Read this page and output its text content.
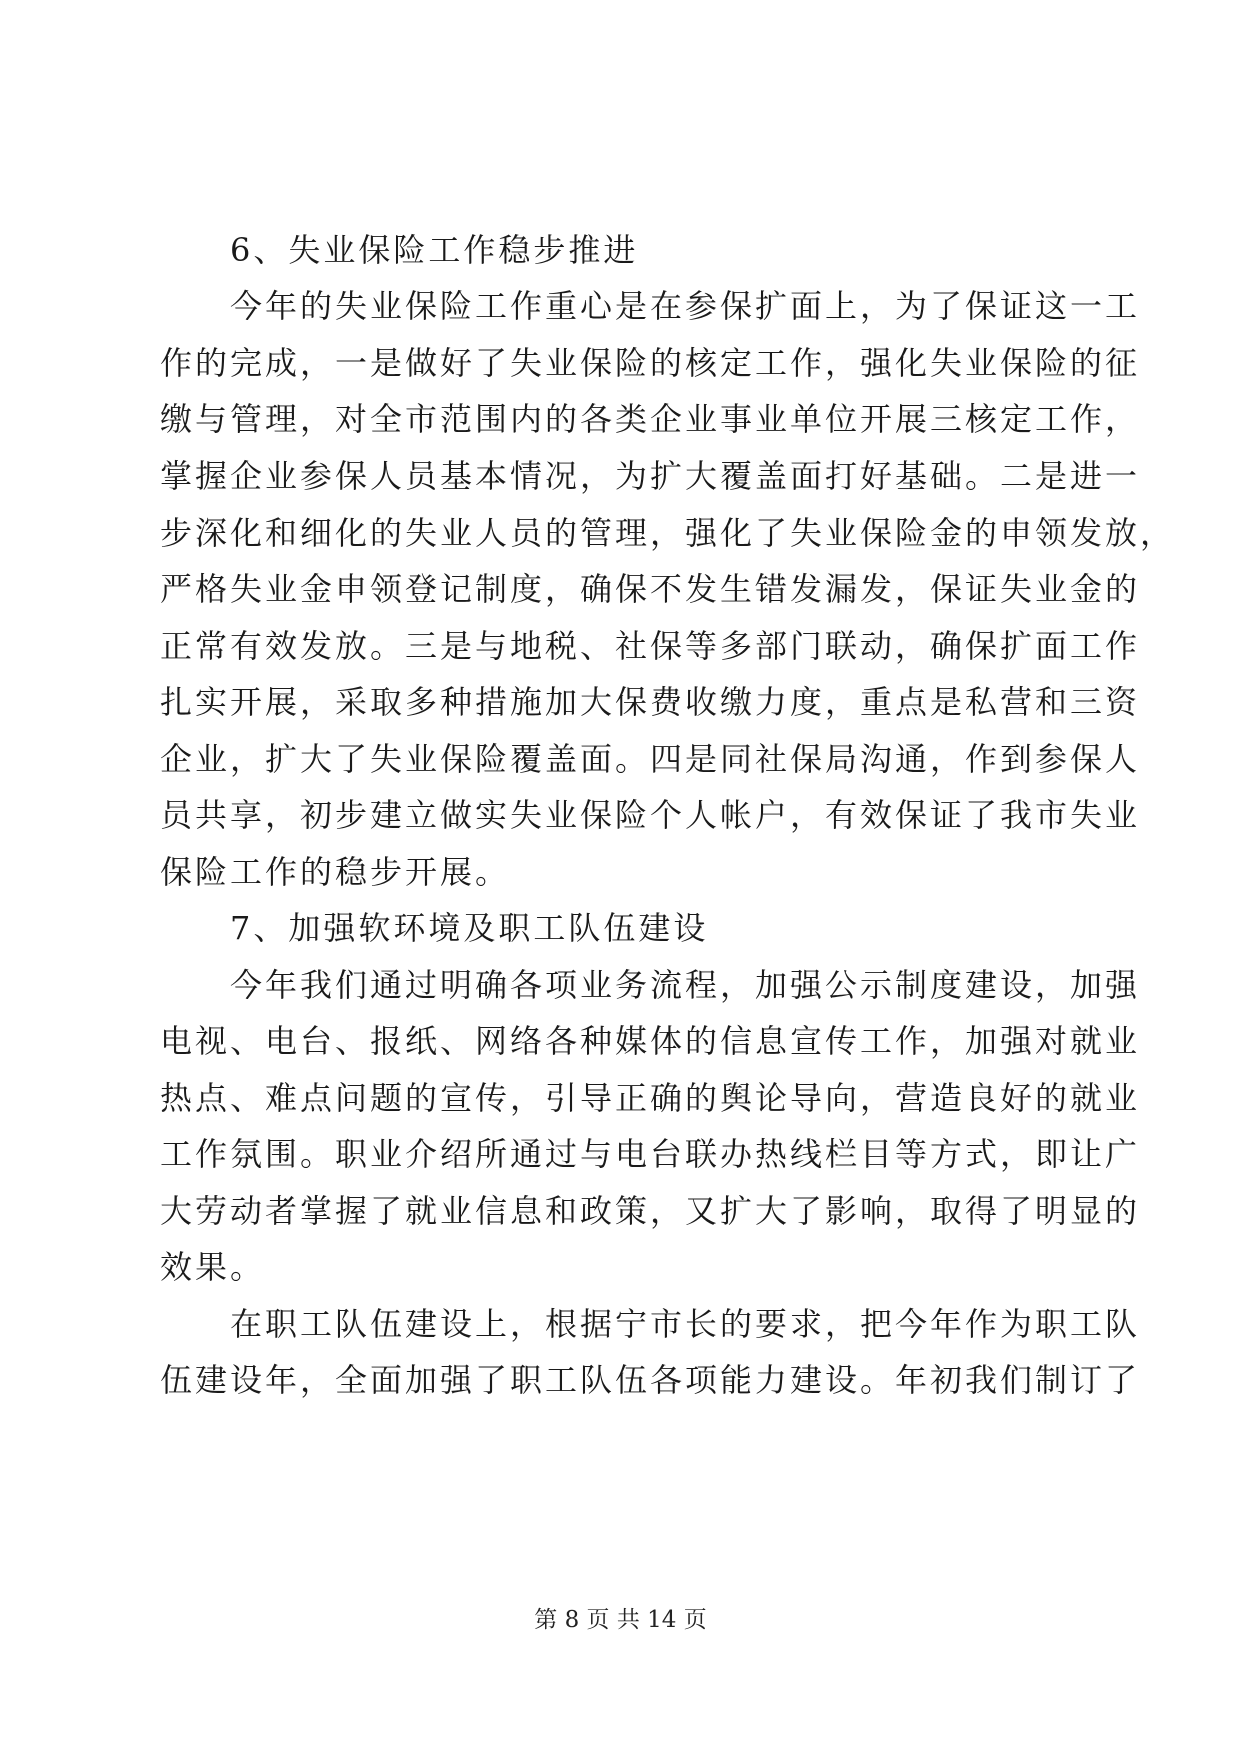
6、失业保险工作稳步推进
今年的失业保险工作重心是在参保扩面上，为了保证这一工
作的完成，一是做好了失业保险的核定工作，强化失业保险的征
缴与管理，对全市范围内的各类企业事业单位开展三核定工作，
掌握企业参保人员基本情况，为扩大覆盖面打好基础。二是进一
步深化和细化的失业人员的管理，强化了失业保险金的申领发放，
严格失业金申领登记制度，确保不发生错发漏发，保证失业金的
正常有效发放。三是与地税、社保等多部门联动，确保扩面工作
扎实开展，采取多种措施加大保费收缴力度，重点是私营和三资
企业，扩大了失业保险覆盖面。四是同社保局沟通，作到参保人
员共享，初步建立做实失业保险个人帐户，有效保证了我市失业
保险工作的稳步开展。
7、加强软环境及职工队伍建设
今年我们通过明确各项业务流程，加强公示制度建设，加强
电视、电台、报纸、网络各种媒体的信息宣传工作，加强对就业
热点、难点问题的宣传，引导正确的舆论导向，营造良好的就业
工作氛围。职业介绍所通过与电台联办热线栏目等方式，即让广
大劳动者掌握了就业信息和政策，又扩大了影响，取得了明显的
效果。
在职工队伍建设上，根据宁市长的要求，把今年作为职工队
伍建设年，全面加强了职工队伍各项能力建设。年初我们制订了
第 8 页 共 14 页
